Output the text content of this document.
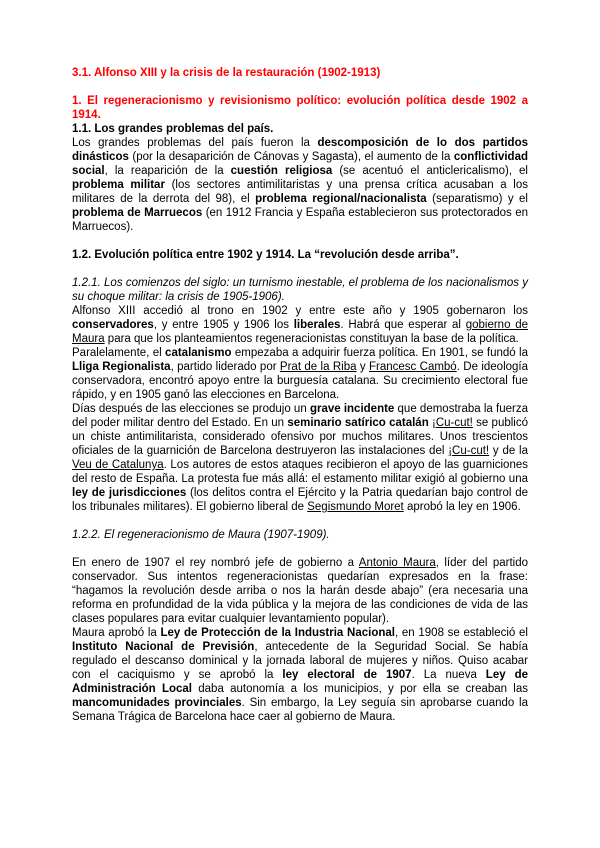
3.1. Alfonso XIII y la crisis de la restauración (1902-1913)

1. El regeneracionismo y revisionismo político: evolución política desde 1902 a 1914.

1.1. Los grandes problemas del país.

Los grandes problemas del país fueron la descomposición de lo dos partidos dinásticos (por la desaparición de Cánovas y Sagasta), el aumento de la conflictividad social, la reaparición de la cuestión religiosa (se acentuó el anticlericalismo), el problema militar (los sectores antimilitaristas y una prensa crítica acusaban a los militares de la derrota del 98), el problema regional/nacionalista (separatismo) y el problema de Marruecos (en 1912 Francia y España establecieron sus protectorados en Marruecos).

1.2. Evolución política entre 1902 y 1914. La “revolución desde arriba”.

1.2.1. Los comienzos del siglo: un turnismo inestable, el problema de los nacionalismos y su choque militar: la crisis de 1905-1906).

Alfonso XIII accedió al trono en 1902 y entre este año y 1905 gobernaron los conservadores, y entre 1905 y 1906 los liberales. Habrá que esperar al gobierno de Maura para que los planteamientos regeneracionistas constituyan la base de la política.

Paralelamente, el catalanismo empezaba a adquirir fuerza política. En 1901, se fundó la Lliga Regionalista, partido liderado por Prat de la Riba y Francesc Cambó. De ideología conservadora, encontró apoyo entre la burguesía catalana. Su crecimiento electoral fue rápido, y en 1905 ganó las elecciones en Barcelona.

Días después de las elecciones se produjo un grave incidente que demostraba la fuerza del poder militar dentro del Estado. En un seminario satírico catalán ¡Cu-cut! se publicó un chiste antimilitarista, considerado ofensivo por muchos militares. Unos trescientos oficiales de la guarnición de Barcelona destruyeron las instalaciones del ¡Cu-cut! y de la Veu de Catalunya. Los autores de estos ataques recibieron el apoyo de las guarniciones del resto de España. La protesta fue más allá: el estamento militar exigió al gobierno una ley de jurisdicciones (los delitos contra el Ejército y la Patria quedarían bajo control de los tribunales militares). El gobierno liberal de Segismundo Moret aprobó la ley en 1906.

1.2.2. El regeneracionismo de Maura (1907-1909).

En enero de 1907 el rey nombró jefe de gobierno a Antonio Maura, líder del partido conservador. Sus intentos regeneracionistas quedarían expresados en la frase: “hagamos la revolución desde arriba o nos la harán desde abajo” (era necesaria una reforma en profundidad de la vida pública y la mejora de las condiciones de vida de las clases populares para evitar cualquier levantamiento popular).

Maura aprobó la Ley de Protección de la Industria Nacional, en 1908 se estableció el Instituto Nacional de Previsión, antecedente de la Seguridad Social. Se había regulado el descanso dominical y la jornada laboral de mujeres y niños. Quiso acabar con el caciquismo y se aprobó la ley electoral de 1907. La nueva Ley de Administración Local daba autonomía a los municipios, y por ella se creaban las mancomunidades provinciales. Sin embargo, la Ley seguía sin aprobarse cuando la Semana Trágica de Barcelona hace caer al gobierno de Maura.
